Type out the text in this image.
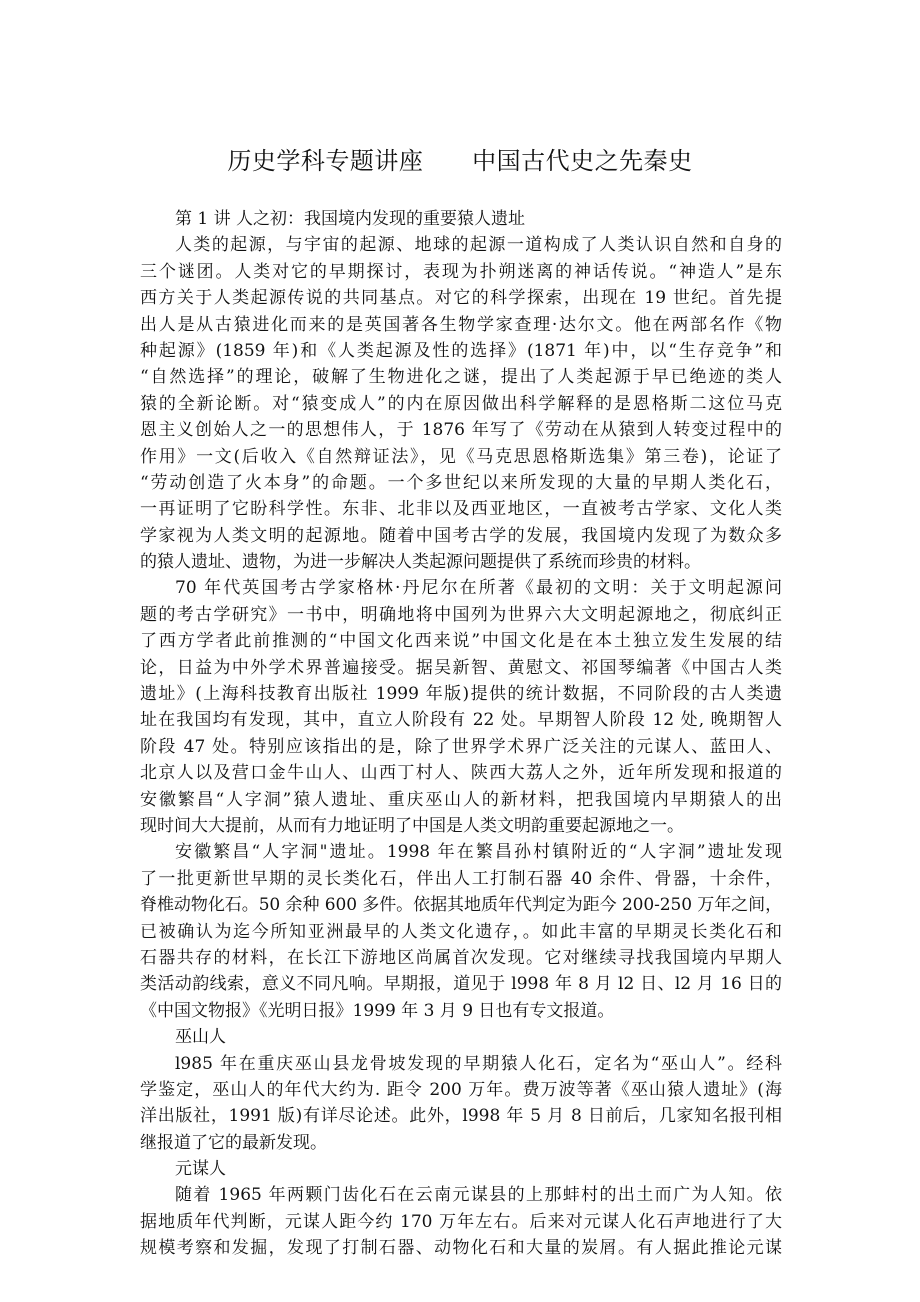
历史学科专题讲座      中国古代史之先秦史
第 1 讲 人之初：我国境内发现的重要猿人遗址
人类的起源，与宇宙的起源、地球的起源一道构成了人类认识自然和自身的
三个谜团。人类对它的早期探讨，表现为扑朔迷离的神话传说。“神造人”是东
西方关于人类起源传说的共同基点。对它的科学探索，出现在 19 世纪。首先提
出人是从古猿进化而来的是英国著各生物学家查理·达尔文。他在两部名作《物
种起源》(1859 年)和《人类起源及性的选择》(1871 年)中，以“生存竞争”和
“自然选择”的理论，破解了生物进化之谜，提出了人类起源于早已绝迹的类人
猿的全新论断。对“猿变成人”的内在原因做出科学解释的是恩格斯二这位马克
恩主义创始人之一的思想伟人，于 1876 年写了《劳动在从猿到人转变过程中的
作用》一文(后收入《自然辩证法》，见《马克思恩格斯选集》第三卷)，论证了
“劳动创造了火本身”的命题。一个多世纪以来所发现的大量的早期人类化石，
一再证明了它盼科学性。东非、北非以及西亚地区，一直被考古学家、文化人类
学家视为人类文明的起源地。随着中国考古学的发展，我国境内发现了为数众多
的猿人遗址、遗物，为进一步解决人类起源问题提供了系统而珍贵的材料。
70 年代英国考古学家格林·丹尼尔在所著《最初的文明：关于文明起源问
题的考古学研究》一书中，明确地将中国列为世界六大文明起源地之，彻底纠正
了西方学者此前推测的“中国文化西来说”中国文化是在本土独立发生发展的结
论，日益为中外学术界普遍接受。据吴新智、黄慰文、祁国琴编著《中国古人类
遗址》(上海科技教育出版社 1999 年版)提供的统计数据，不同阶段的古人类遗
址在我国均有发现，其中，直立人阶段有 22 处。早期智人阶段 12 处, 晚期智人
阶段 47 处。特别应该指出的是，除了世界学术界广泛关注的元谋人、蓝田人、
北京人以及营口金牛山人、山西丁村人、陕西大荔人之外，近年所发现和报道的
安徽繁昌“人字洞”猿人遗址、重庆巫山人的新材料，把我国境内早期猿人的出
现时间大大提前，从而有力地证明了中国是人类文明韵重要起源地之一。
安徽繁昌“人字洞"遗址。1998 年在繁昌孙村镇附近的“人字洞”遗址发现
了一批更新世早期的灵长类化石，伴出人工打制石器 40 余件、骨器，十余件，
脊椎动物化石。50 余种 600 多件。依据其地质年代判定为距今 200-250 万年之间，
已被确认为迄今所知亚洲最早的人类文化遗存，。如此丰富的早期灵长类化石和
石器共存的材料，在长江下游地区尚属首次发现。它对继续寻找我国境内早期人
类活动韵线索，意义不同凡响。早期报，道见于 l998 年 8 月 l2 日、l2 月 16 日的
《中国文物报》《光明日报》1999 年 3 月 9 日也有专文报道。
巫山人
l985 年在重庆巫山县龙骨坡发现的早期猿人化石，定名为“巫山人”。经科
学鉴定，巫山人的年代大约为. 距令 200 万年。费万波等著《巫山猿人遗址》(海
洋出版社，1991 版)有详尽论述。此外，l998 年 5 月 8 日前后，几家知名报刊相
继报道了它的最新发现。
元谋人
随着 1965 年两颗门齿化石在云南元谋县的上那蚌村的出土而广为人知。依
据地质年代判断，元谋人距今约 170 万年左右。后来对元谋人化石声地进行了大
规模考察和发掘，发现了打制石器、动物化石和大量的炭屑。有人据此推论元谋
